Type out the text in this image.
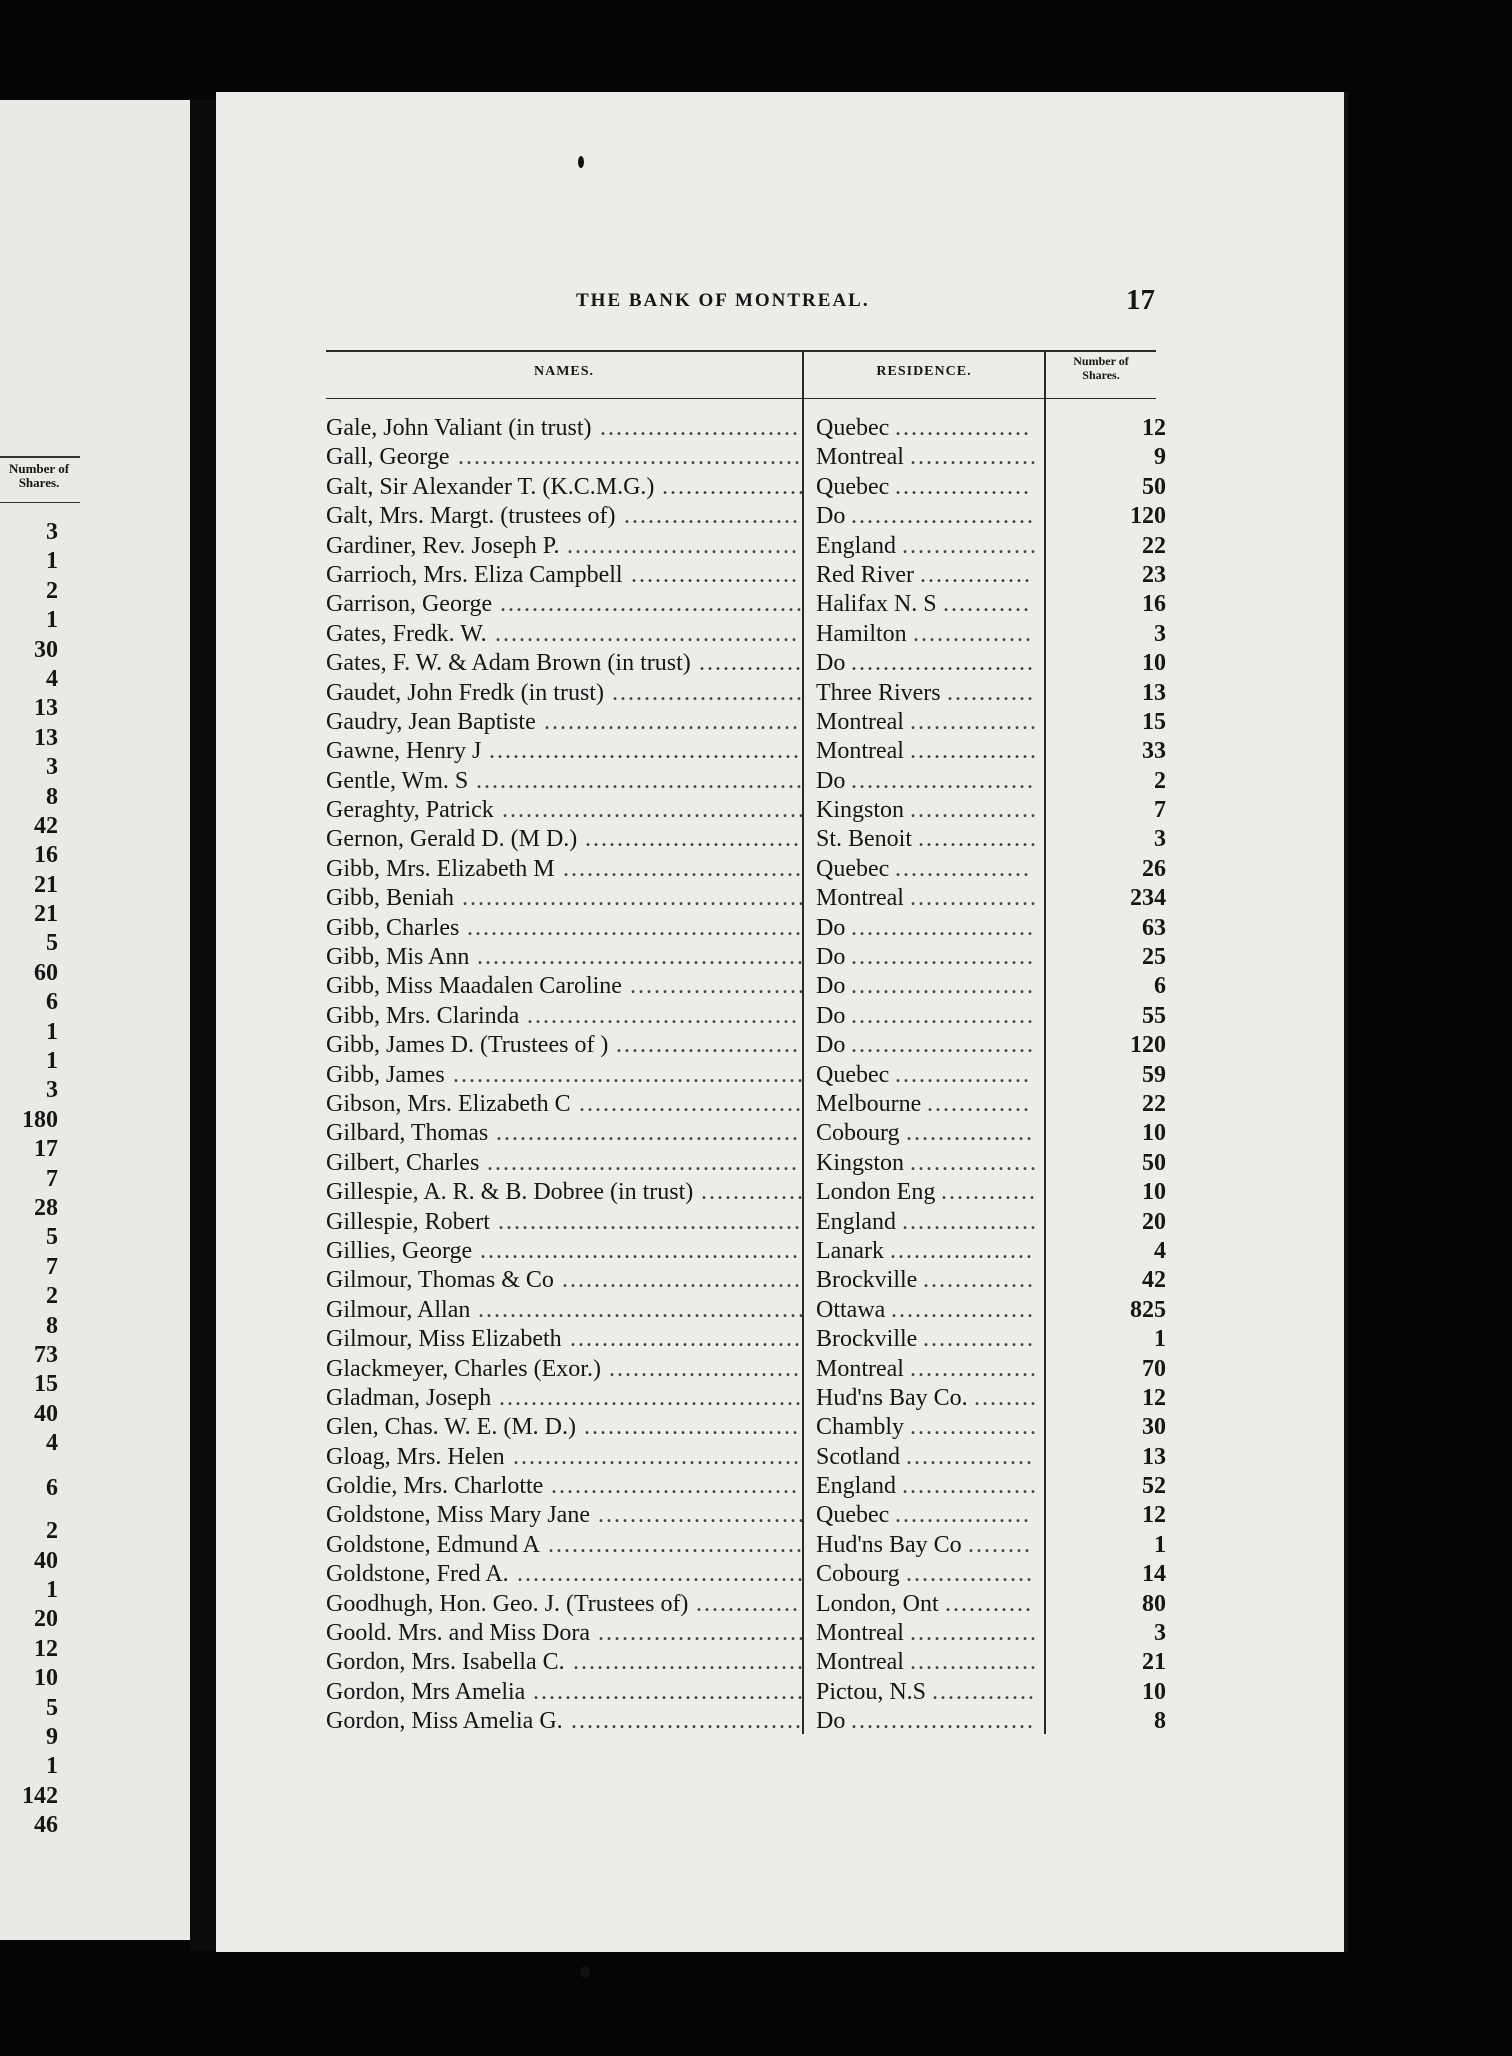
Number of
Shares.
3
1
2
1
30
4
13
13
3
8
42
16
21
21
5
60
6
1
1
3
180
17
7
28
5
7
2
8
73
15
40
4
6
2
40
1
20
12
10
5
9
1
142
46
THE BANK OF MONTREAL.	17
NAMES.	RESIDENCE.
Number of
Shares.
Gale, John Valiant (in trust) ......................... Quebec .................	12
Gall, George ........................................... Montreal ................	9
Galt, Sir Alexander T. (K.C.M.G.) .................. Quebec .................	50
Galt, Mrs. Margt. (trustees of) ...................... Do .......................	120
Gardiner, Rev. Joseph P. ............................. England .................	22
Garrioch, Mrs. Eliza Campbell ..................... Red River ..............	23
Garrison, George ...................................... Halifax N. S ...........	16
Gates, Fredk. W. ...................................... Hamilton ...............	3
Gates, F. W. & Adam Brown (in trust) ............. Do .......................	10
Gaudet, John Fredk (in trust) ........................ Three Rivers ...........	13
Gaudry, Jean Baptiste ................................ Montreal ................	15
Gawne, Henry J ....................................... Montreal ................	33
Gentle, Wm. S ......................................... Do .......................	2
Geraghty, Patrick ...................................... Kingston ................	7
Gernon, Gerald D. (M D.) ........................... St. Benoit ...............	3
Gibb, Mrs. Elizabeth M .............................. Quebec .................	26
Gibb, Beniah ........................................... Montreal ................	234
Gibb, Charles .......................................... Do .......................	63
Gibb, Mis Ann ......................................... Do .......................	25
Gibb, Miss Maadalen Caroline ...................... Do .......................	6
Gibb, Mrs. Clarinda .................................. Do .......................	55
Gibb, James D. (Trustees of ) ....................... Do .......................	120
Gibb, James ............................................ Quebec .................	59
Gibson, Mrs. Elizabeth C ............................ Melbourne .............	22
Gilbard, Thomas ...................................... Cobourg ................	10
Gilbert, Charles ....................................... Kingston ................	50
Gillespie, A. R. & B. Dobree (in trust) ............. London Eng ............	10
Gillespie, Robert ...................................... England .................	20
Gillies, George ........................................ Lanark ..................	4
Gilmour, Thomas & Co .............................. Brockville ..............	42
Gilmour, Allan ......................................... Ottawa ..................	825
Gilmour, Miss Elizabeth ............................. Brockville ..............	1
Glackmeyer, Charles (Exor.) ........................ Montreal ................	70
Gladman, Joseph ...................................... Hud'ns Bay Co. ........	12
Glen, Chas. W. E. (M. D.) ........................... Chambly ................	30
Gloag, Mrs. Helen .................................... Scotland ................	13
Goldie, Mrs. Charlotte ............................... England .................	52
Goldstone, Miss Mary Jane .......................... Quebec .................	12
Goldstone, Edmund A ................................ Hud'ns Bay Co ........	1
Goldstone, Fred A. .................................... Cobourg ................	14
Goodhugh, Hon. Geo. J. (Trustees of) ............. London, Ont ...........	80
Goold. Mrs. and Miss Dora .......................... Montreal ................	3
Gordon, Mrs. Isabella C. ............................. Montreal ................	21
Gordon, Mrs Amelia .................................. Pictou, N.S .............	10
Gordon, Miss Amelia G. ............................. Do .......................	8
